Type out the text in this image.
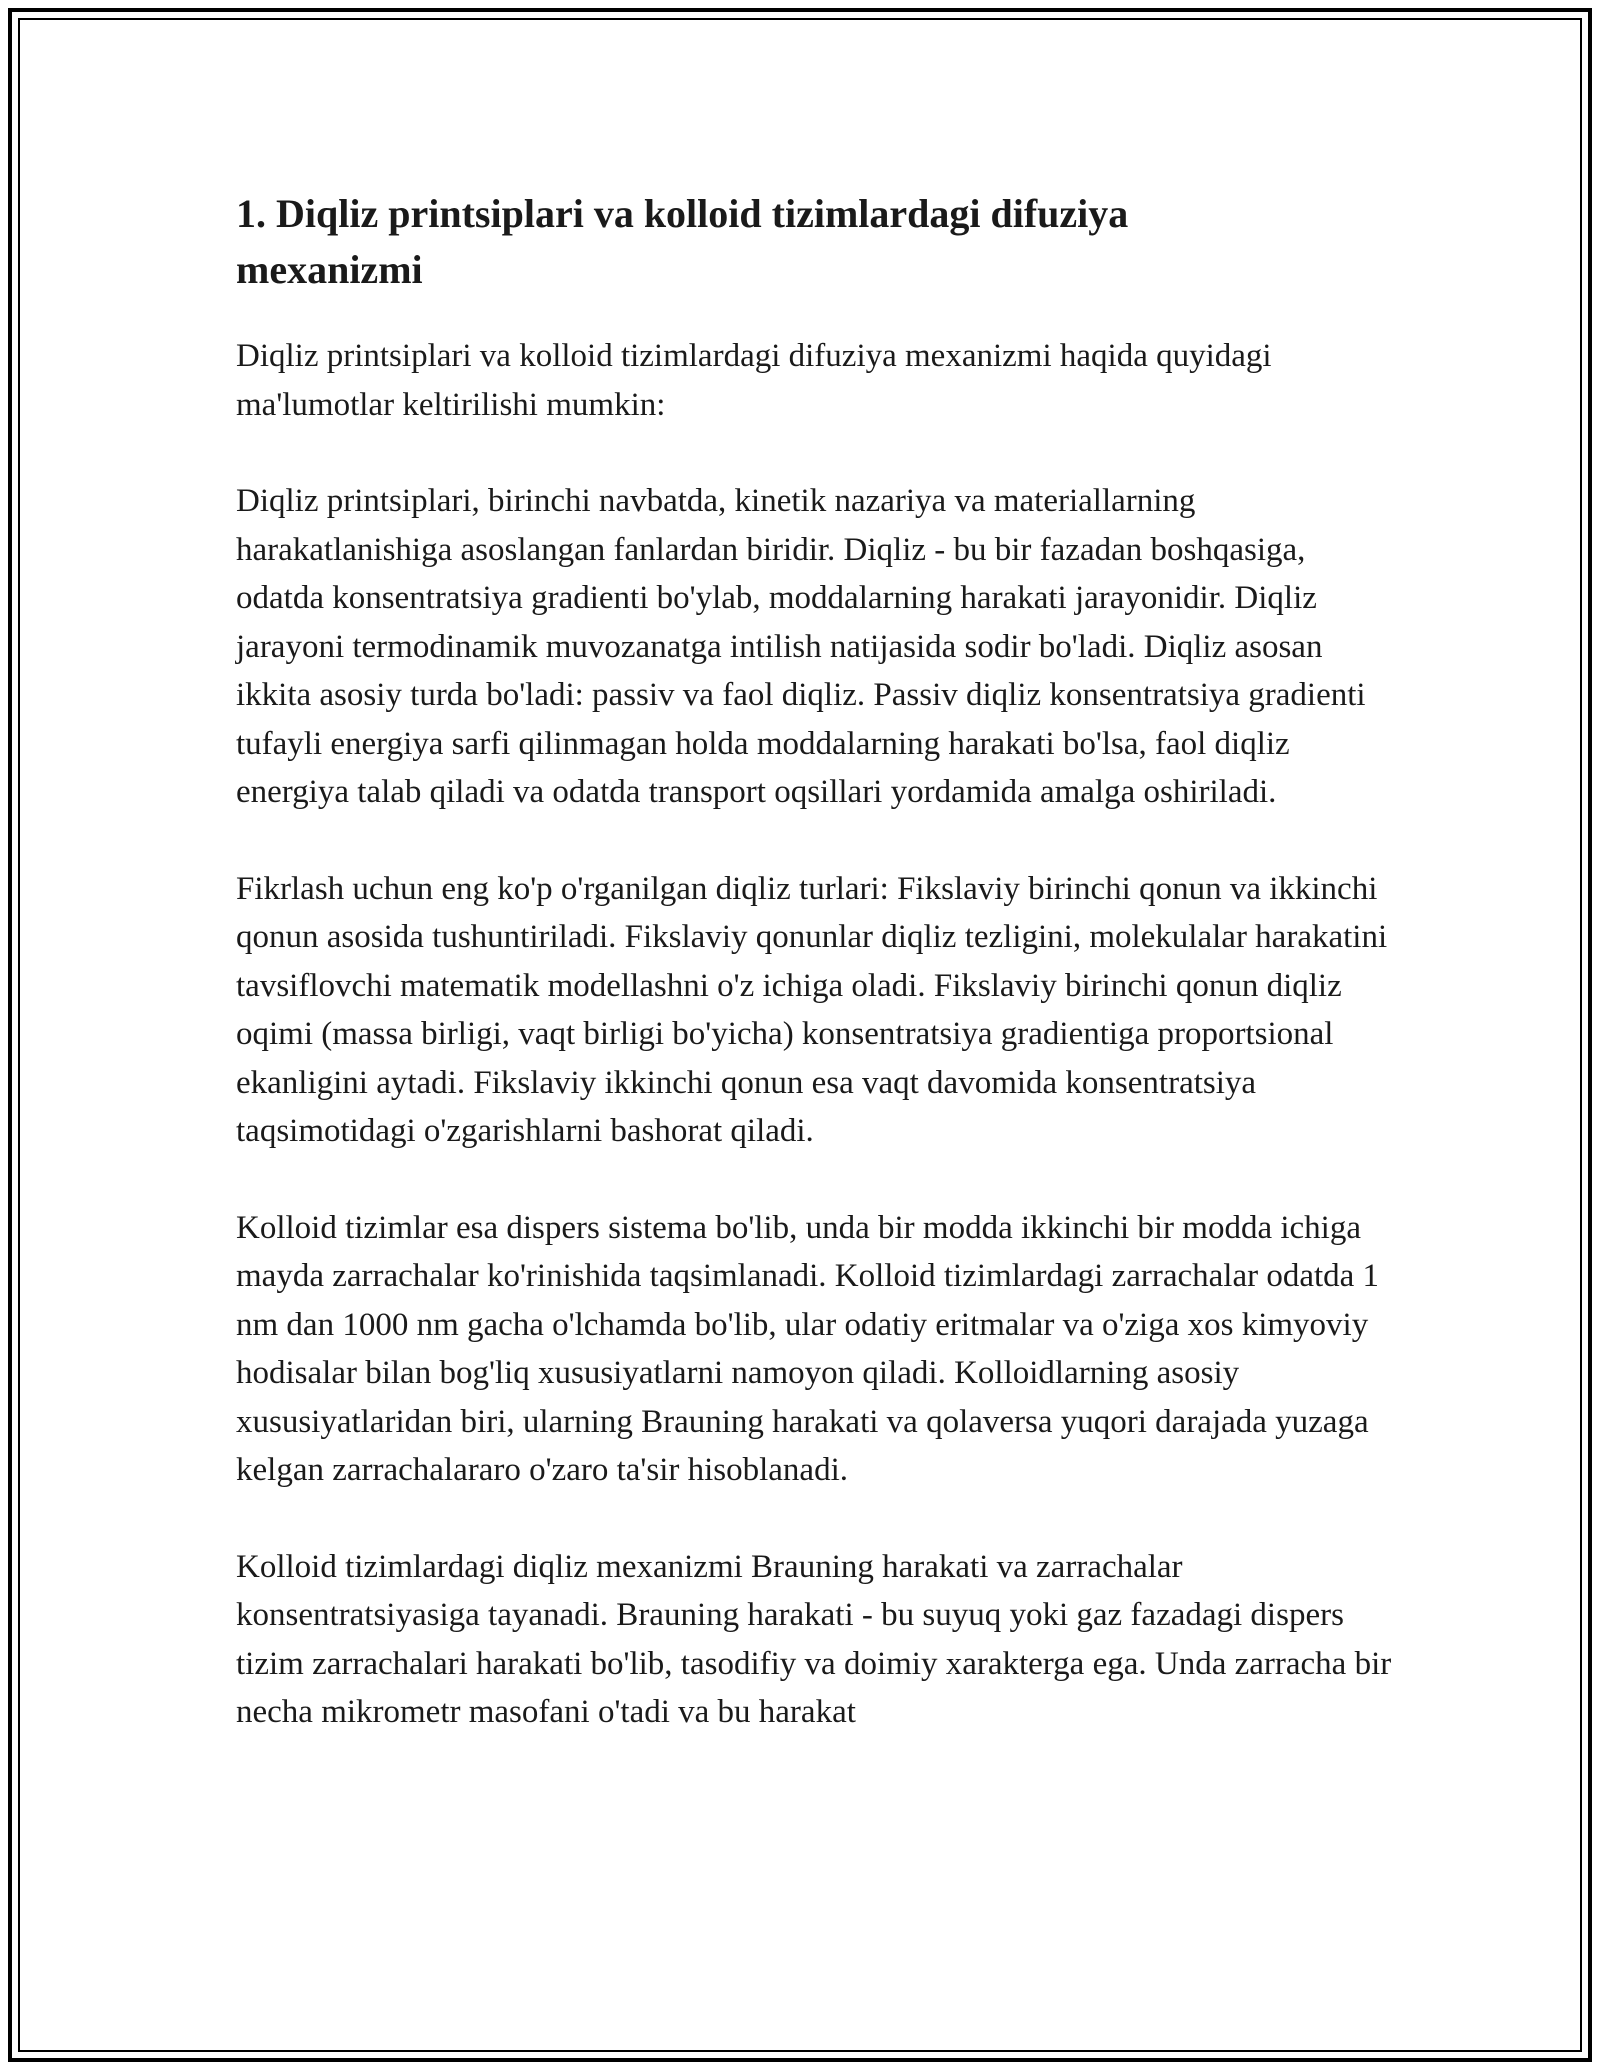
1. Diqliz printsiplari va kolloid tizimlardagi difuziya mexanizmi

Diqliz printsiplari va kolloid tizimlardagi difuziya mexanizmi haqida quyidagi ma'lumotlar keltirilishi mumkin:

Diqliz printsiplari, birinchi navbatda, kinetik nazariya va materiallarning harakatlanishiga asoslangan fanlardan biridir. Diqliz - bu bir fazadan boshqasiga, odatda konsentratsiya gradienti bo'ylab, moddalarning harakati jarayonidir. Diqliz jarayoni termodinamik muvozanatga intilish natijasida sodir bo'ladi. Diqliz asosan ikkita asosiy turda bo'ladi: passiv va faol diqliz. Passiv diqliz konsentratsiya gradienti tufayli energiya sarfi qilinmagan holda moddalarning harakati bo'lsa, faol diqliz energiya talab qiladi va odatda transport oqsillari yordamida amalga oshiriladi.

Fikrlash uchun eng ko'p o'rganilgan diqliz turlari: Fikslaviy birinchi qonun va ikkinchi qonun asosida tushuntiriladi. Fikslaviy qonunlar diqliz tezligini, molekulalar harakatini tavsiflovchi matematik modellashni o'z ichiga oladi. Fikslaviy birinchi qonun diqliz oqimi (massa birligi, vaqt birligi bo'yicha) konsentratsiya gradientiga proportsional ekanligini aytadi. Fikslaviy ikkinchi qonun esa vaqt davomida konsentratsiya taqsimotidagi o'zgarishlarni bashorat qiladi.

Kolloid tizimlar esa dispers sistema bo'lib, unda bir modda ikkinchi bir modda ichiga mayda zarrachalar ko'rinishida taqsimlanadi. Kolloid tizimlardagi zarrachalar odatda 1 nm dan 1000 nm gacha o'lchamda bo'lib, ular odatiy eritmalar va o'ziga xos kimyoviy hodisalar bilan bog'liq xususiyatlarni namoyon qiladi. Kolloidlarning asosiy xususiyatlaridan biri, ularning Brauning harakati va qolaversa yuqori darajada yuzaga kelgan zarrachalararo o'zaro ta'sir hisoblanadi.

Kolloid tizimlardagi diqliz mexanizmi Brauning harakati va zarrachalar konsentratsiyasiga tayanadi. Brauning harakati - bu suyuq yoki gaz fazadagi dispers tizim zarrachalari harakati bo'lib, tasodifiy va doimiy xarakterga ega. Unda zarracha bir necha mikrometr masofani o'tadi va bu harakat
